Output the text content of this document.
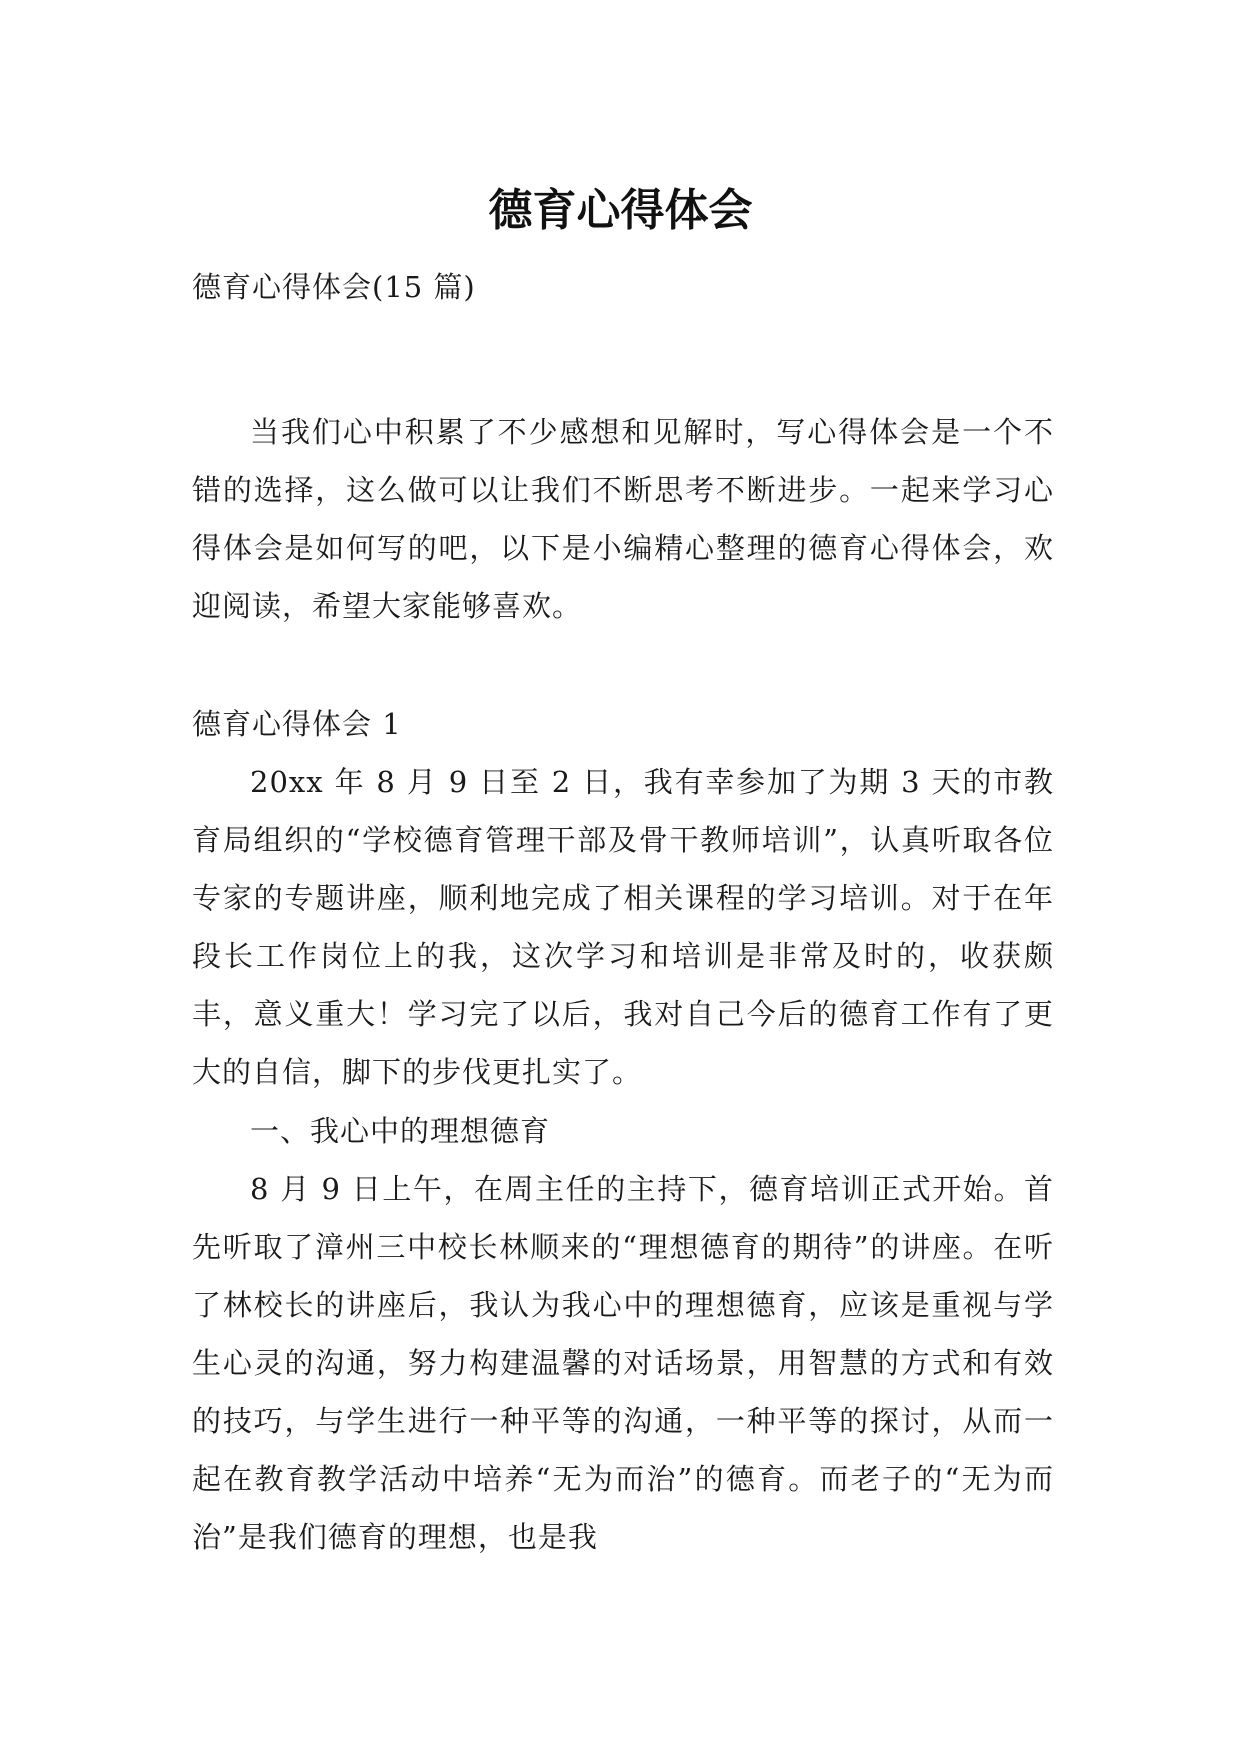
德育心得体会

德育心得体会(15 篇)

当我们心中积累了不少感想和见解时，写心得体会是一个不错的选择，这么做可以让我们不断思考不断进步。一起来学习心得体会是如何写的吧，以下是小编精心整理的德育心得体会，欢迎阅读，希望大家能够喜欢。

德育心得体会 1

20xx 年 8 月 9 日至 2 日，我有幸参加了为期 3 天的市教育局组织的“学校德育管理干部及骨干教师培训”，认真听取各位专家的专题讲座，顺利地完成了相关课程的学习培训。对于在年段长工作岗位上的我，这次学习和培训是非常及时的，收获颇丰，意义重大！学习完了以后，我对自己今后的德育工作有了更大的自信，脚下的步伐更扎实了。

一、我心中的理想德育

8 月 9 日上午，在周主任的主持下，德育培训正式开始。首先听取了漳州三中校长林顺来的“理想德育的期待”的讲座。在听了林校长的讲座后，我认为我心中的理想德育，应该是重视与学生心灵的沟通，努力构建温馨的对话场景，用智慧的方式和有效的技巧，与学生进行一种平等的沟通，一种平等的探讨，从而一起在教育教学活动中培养“无为而治”的德育。而老子的“无为而治”是我们德育的理想，也是我
